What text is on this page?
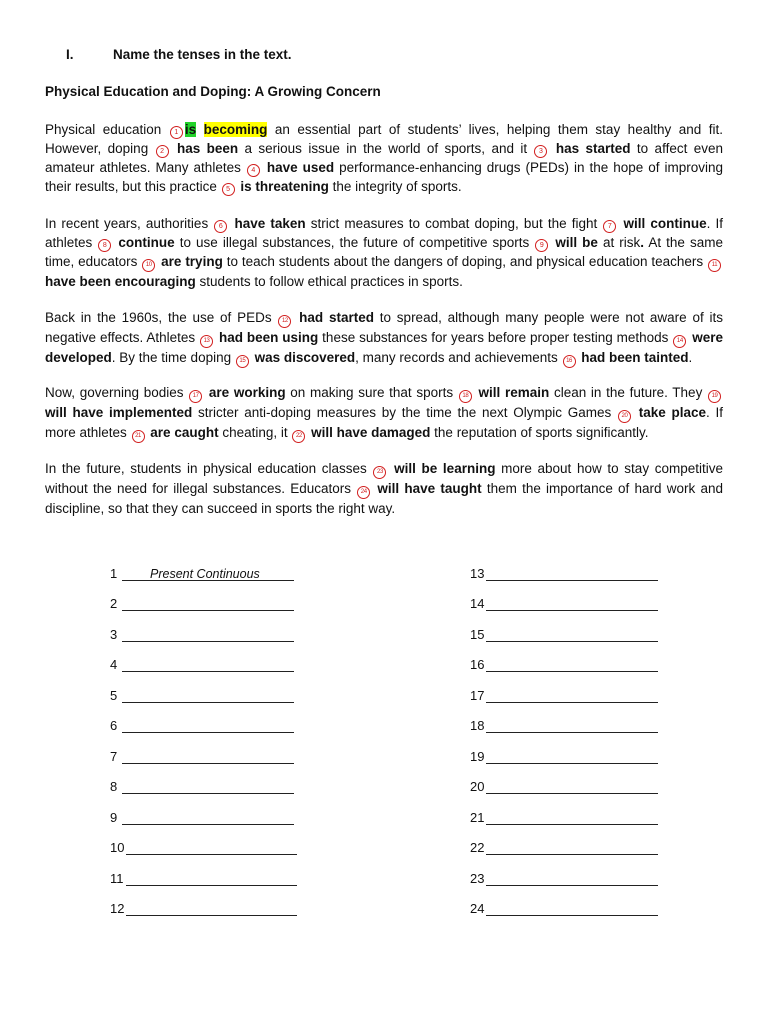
I.	Name the tenses in the text.
Physical Education and Doping: A Growing Concern

Physical education 1 is becoming an essential part of students’ lives, helping them stay healthy and fit. However, doping 2 has been a serious issue in the world of sports, and it 3 has started to affect even amateur athletes. Many athletes 4 have used performance-enhancing drugs (PEDs) in the hope of improving their results, but this practice 5 is threatening the integrity of sports.

In recent years, authorities 6 have taken strict measures to combat doping, but the fight 7 will continue. If athletes 8 continue to use illegal substances, the future of competitive sports 9 will be at risk. At the same time, educators 10 are trying to teach students about the dangers of doping, and physical education teachers 11 have been encouraging students to follow ethical practices in sports.

Back in the 1960s, the use of PEDs 12 had started to spread, although many people were not aware of its negative effects. Athletes 13 had been using these substances for years before proper testing methods 14 were developed. By the time doping 15 was discovered, many records and achievements 16 had been tainted.

Now, governing bodies 17 are working on making sure that sports 18 will remain clean in the future. They 19 will have implemented stricter anti-doping measures by the time the next Olympic Games 20 take place. If more athletes 21 are caught cheating, it 22 will have damaged the reputation of sports significantly.

In the future, students in physical education classes 23 will be learning more about how to stay competitive without the need for illegal substances. Educators 24 will have taught them the importance of hard work and discipline, so that they can succeed in sports the right way.

1	Present Continuous
2
3
4
5
6
7
8
9
10
11
12
13
14
15
16
17
18
19
20
21
22
23
24
